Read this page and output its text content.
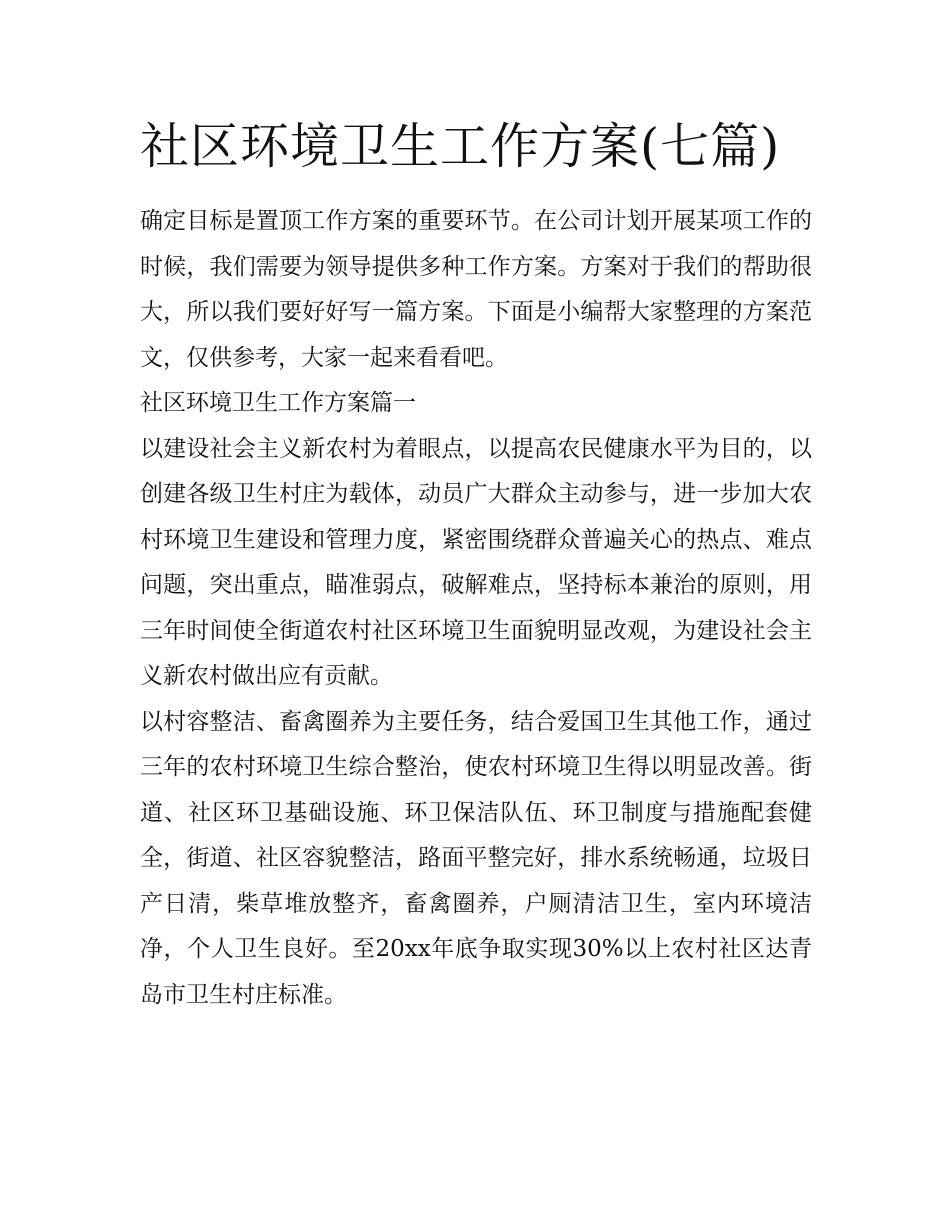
社区环境卫生工作方案(七篇)

确定目标是置顶工作方案的重要环节。在公司计划开展某项工作的时候，我们需要为领导提供多种工作方案。方案对于我们的帮助很大，所以我们要好好写一篇方案。下面是小编帮大家整理的方案范文，仅供参考，大家一起来看看吧。

社区环境卫生工作方案篇一

以建设社会主义新农村为着眼点，以提高农民健康水平为目的，以创建各级卫生村庄为载体，动员广大群众主动参与，进一步加大农村环境卫生建设和管理力度，紧密围绕群众普遍关心的热点、难点问题，突出重点，瞄准弱点，破解难点，坚持标本兼治的原则，用三年时间使全街道农村社区环境卫生面貌明显改观，为建设社会主义新农村做出应有贡献。

以村容整洁、畜禽圈养为主要任务，结合爱国卫生其他工作，通过三年的农村环境卫生综合整治，使农村环境卫生得以明显改善。街道、社区环卫基础设施、环卫保洁队伍、环卫制度与措施配套健全，街道、社区容貌整洁，路面平整完好，排水系统畅通，垃圾日产日清，柴草堆放整齐，畜禽圈养，户厕清洁卫生，室内环境洁净，个人卫生良好。至20xx年底争取实现30%以上农村社区达青岛市卫生村庄标准。
